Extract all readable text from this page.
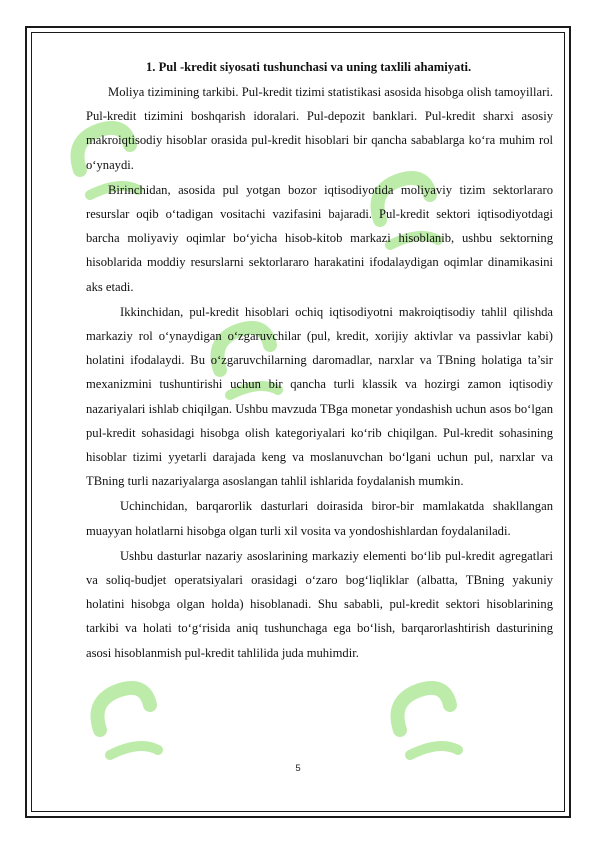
1. Pul -kredit siyosati tushunchasi va uning taxlili ahamiyati.

Moliya tizimining tarkibi. Pul-kredit tizimi statistikasi asosida hisobga olish tamoyillari. Pul-kredit tizimini boshqarish idoralari. Pul-depozit banklari. Pul-kredit sharxi asosiy makroiqtisodiy hisoblar orasida pul-kredit hisoblari bir qancha sabablarga ko‘ra muhim rol o‘ynaydi.

Birinchidan, asosida pul yotgan bozor iqtisodiyotida moliyaviy tizim sektorlararo resurslar oqib o‘tadigan vositachi vazifasini bajaradi. Pul-kredit sektori iqtisodiyotdagi barcha moliyaviy oqimlar bo‘yicha hisob-kitob markazi hisoblanib, ushbu sektorning hisoblarida moddiy resurslarni sektorlararo harakatini ifodalaydigan oqimlar dinamikasini aks etadi.

Ikkinchidan, pul-kredit hisoblari ochiq iqtisodiyotni makroiqtisodiy tahlil qilishda markaziy rol o‘ynaydigan o‘zgaruvchilar (pul, kredit, xorijiy aktivlar va passivlar kabi) holatini ifodalaydi. Bu o‘zgaruvchilarning daromadlar, narxlar va TBning holatiga ta’sir mexanizmini tushuntirishi uchun bir qancha turli klassik va hozirgi zamon iqtisodiy nazariyalari ishlab chiqilgan. Ushbu mavzuda TBga monetar yondashish uchun asos bo‘lgan pul-kredit sohasidagi hisobga olish kategoriyalari ko‘rib chiqilgan. Pul-kredit sohasining hisoblar tizimi yyetarli darajada keng va moslanuvchan bo‘lgani uchun pul, narxlar va TBning turli nazariyalarga asoslangan tahlil ishlarida foydalanish mumkin.

Uchinchidan, barqarorlik dasturlari doirasida biror-bir mamlakatda shakllangan muayyan holatlarni hisobga olgan turli xil vosita va yondoshishlardan foydalaniladi.

Ushbu dasturlar nazariy asoslarining markaziy elementi bo‘lib pul-kredit agregatlari va soliq-budjet operatsiyalari orasidagi o‘zaro bog‘liqliklar (albatta, TBning yakuniy holatini hisobga olgan holda) hisoblanadi. Shu sababli, pul-kredit sektori hisoblarining tarkibi va holati to‘g‘risida aniq tushunchaga ega bo‘lish, barqarorlashtirish dasturining asosi hisoblanmish pul-kredit tahlilida juda muhimdir.

5
